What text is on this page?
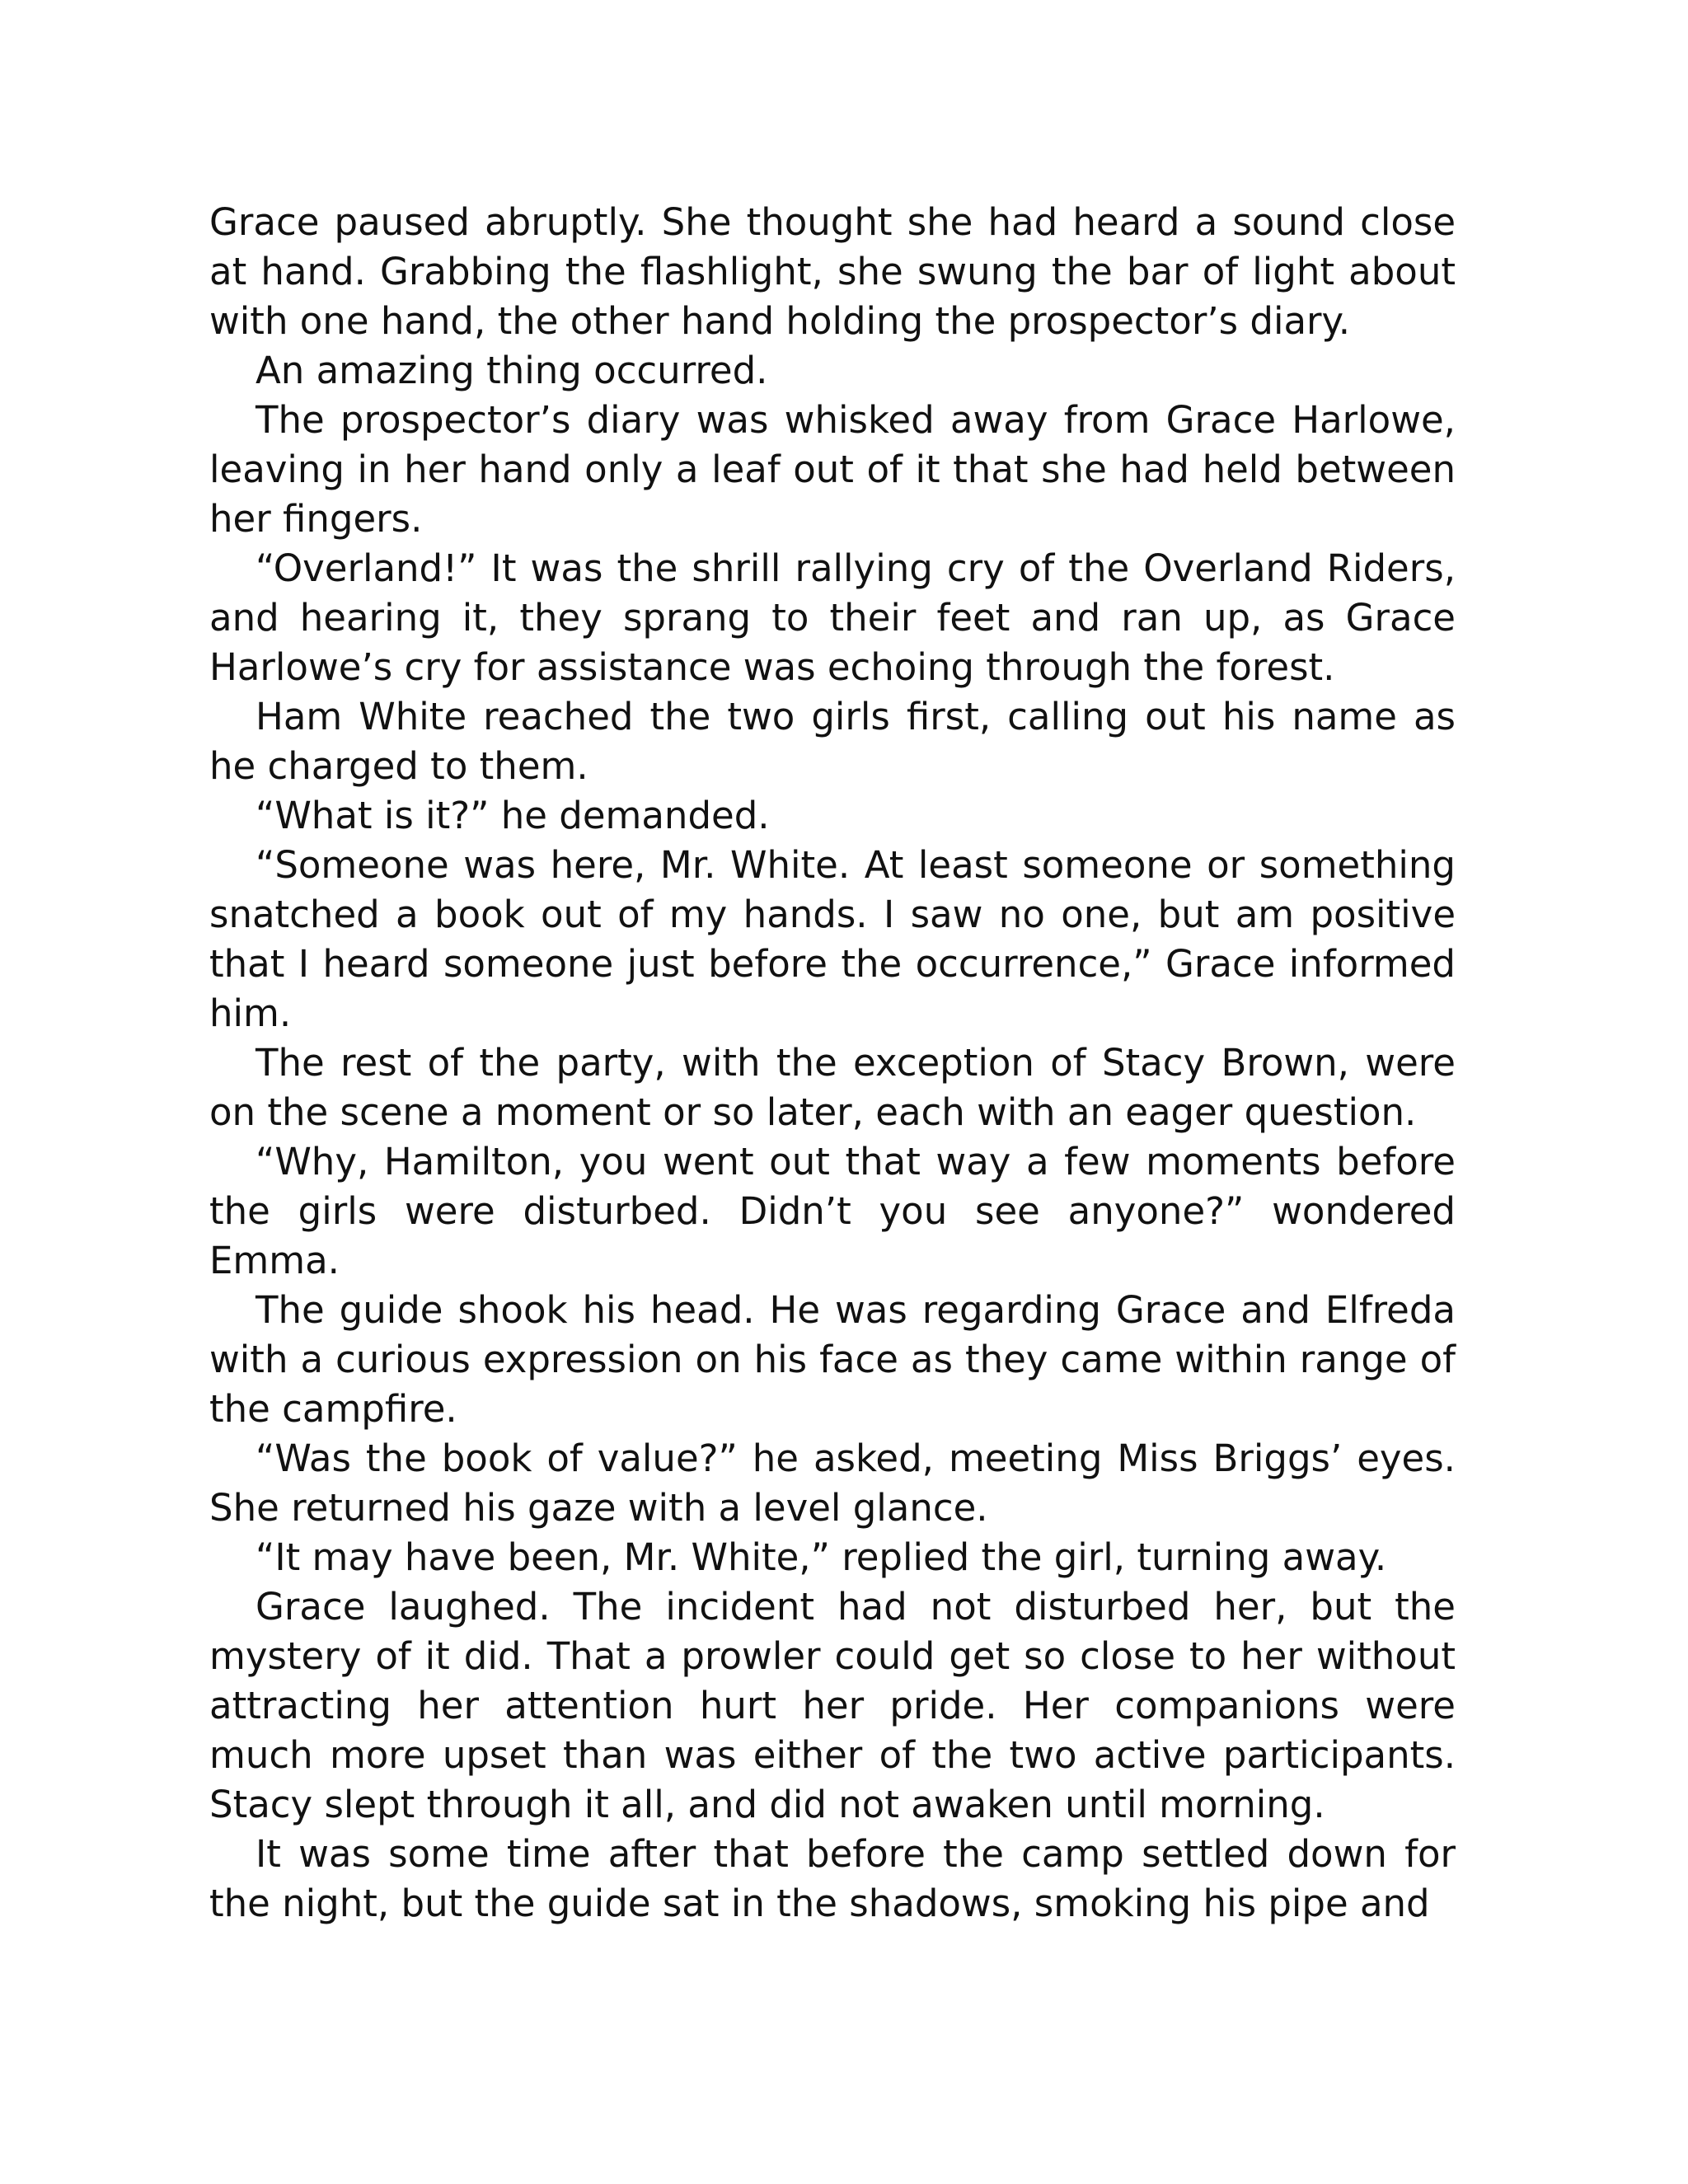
Grace paused abruptly. She thought she had heard a sound close at hand. Grabbing the flashlight, she swung the bar of light about with one hand, the other hand holding the prospector’s diary.

An amazing thing occurred.

The prospector’s diary was whisked away from Grace Harlowe, leaving in her hand only a leaf out of it that she had held between her fingers.

“Overland!” It was the shrill rallying cry of the Overland Riders, and hearing it, they sprang to their feet and ran up, as Grace Harlowe’s cry for assistance was echoing through the forest.

Ham White reached the two girls first, calling out his name as he charged to them.

“What is it?” he demanded.

“Someone was here, Mr. White. At least someone or something snatched a book out of my hands. I saw no one, but am positive that I heard someone just before the occurrence,” Grace informed him.

The rest of the party, with the exception of Stacy Brown, were on the scene a moment or so later, each with an eager question.

“Why, Hamilton, you went out that way a few moments before the girls were disturbed. Didn’t you see anyone?” wondered Emma.

The guide shook his head. He was regarding Grace and Elfreda with a curious expression on his face as they came within range of the campfire.

“Was the book of value?” he asked, meeting Miss Briggs’ eyes. She returned his gaze with a level glance.

“It may have been, Mr. White,” replied the girl, turning away.

Grace laughed. The incident had not disturbed her, but the mystery of it did. That a prowler could get so close to her without attracting her attention hurt her pride. Her companions were much more upset than was either of the two active participants. Stacy slept through it all, and did not awaken until morning.

It was some time after that before the camp settled down for the night, but the guide sat in the shadows, smoking his pipe and
